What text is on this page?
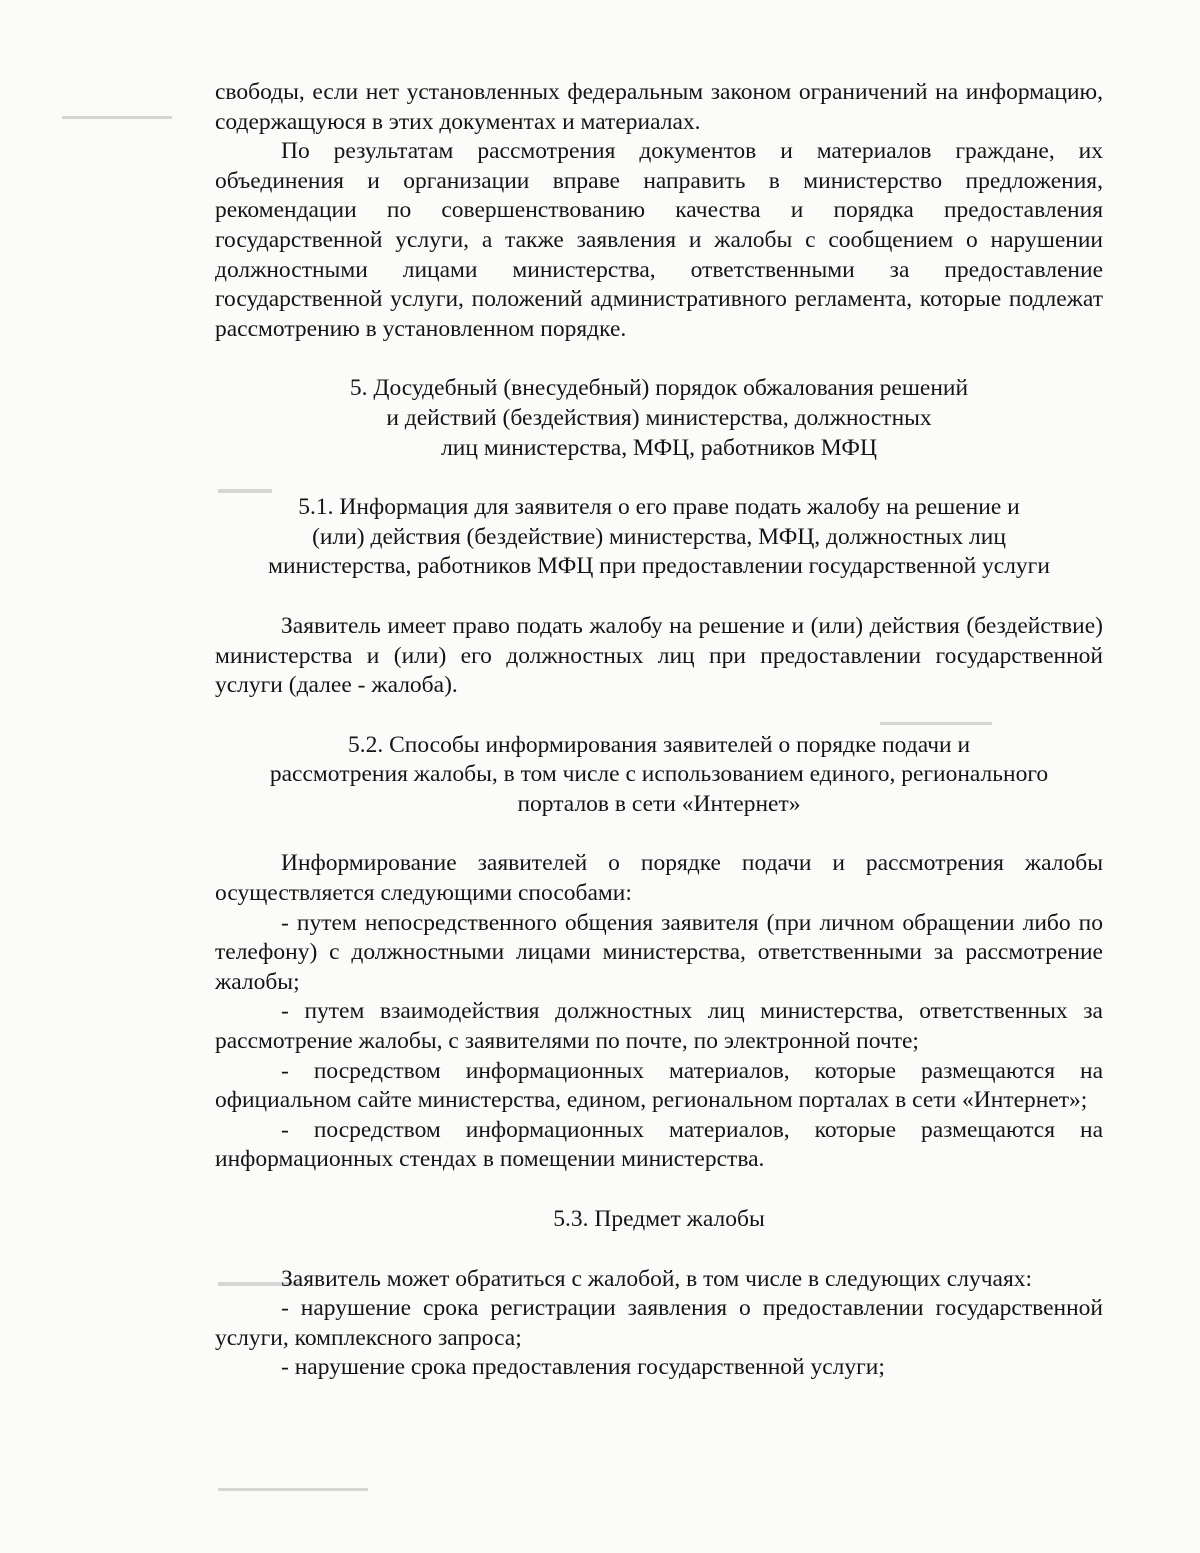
свободы, если нет установленных федеральным законом ограничений на информацию, содержащуюся в этих документах и материалах.

По результатам рассмотрения документов и материалов граждане, их объединения и организации вправе направить в министерство предложения, рекомендации по совершенствованию качества и порядка предоставления государственной услуги, а также заявления и жалобы с сообщением о нарушении должностными лицами министерства, ответственными за предоставление государственной услуги, положений административного регламента, которые подлежат рассмотрению в установленном порядке.

5. Досудебный (внесудебный) порядок обжалования решений
и действий (бездействия) министерства, должностных
лиц министерства, МФЦ, работников МФЦ
5.1. Информация для заявителя о его праве подать жалобу на решение и
(или) действия (бездействие) министерства, МФЦ, должностных лиц
министерства, работников МФЦ при предоставлении государственной услуги

Заявитель имеет право подать жалобу на решение и (или) действия (бездействие) министерства и (или) его должностных лиц при предоставлении государственной услуги (далее - жалоба).

5.2. Способы информирования заявителей о порядке подачи и
рассмотрения жалобы, в том числе с использованием единого, регионального
порталов в сети «Интернет»

Информирование заявителей о порядке подачи и рассмотрения жалобы осуществляется следующими способами:

- путем непосредственного общения заявителя (при личном обращении либо по телефону) с должностными лицами министерства, ответственными за рассмотрение жалобы;

- путем взаимодействия должностных лиц министерства, ответственных за рассмотрение жалобы, с заявителями по почте, по электронной почте;

- посредством информационных материалов, которые размещаются на официальном сайте министерства, едином, региональном порталах в сети «Интернет»;

- посредством информационных материалов, которые размещаются на информационных стендах в помещении министерства.

5.3. Предмет жалобы

Заявитель может обратиться с жалобой, в том числе в следующих случаях:

- нарушение срока регистрации заявления о предоставлении государственной услуги, комплексного запроса;

- нарушение срока предоставления государственной услуги;
